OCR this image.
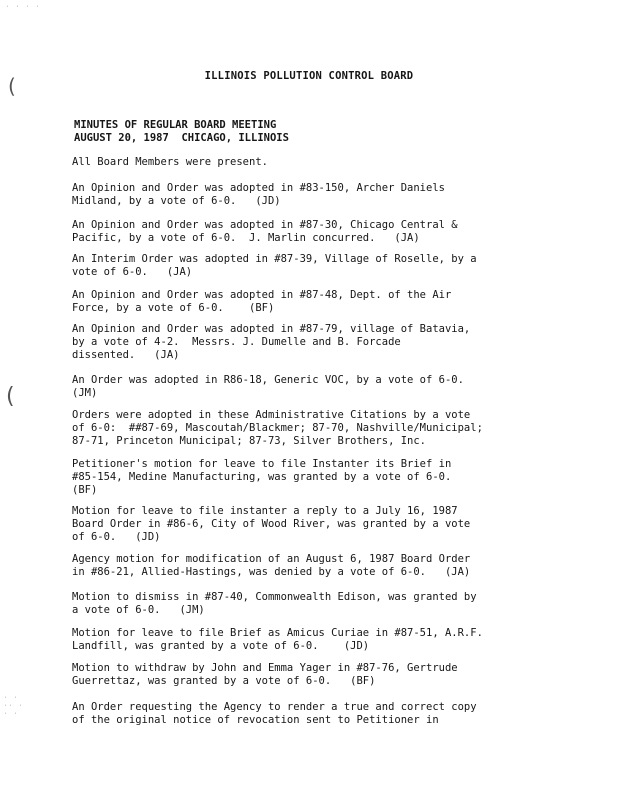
· · · ·
(
(
· ·
·· ·
· ·
ILLINOIS POLLUTION CONTROL BOARD
MINUTES OF REGULAR BOARD MEETING
AUGUST 20, 1987  CHICAGO, ILLINOIS
All Board Members were present.
An Opinion and Order was adopted in #83-150, Archer Daniels
Midland, by a vote of 6-0.   (JD)
An Opinion and Order was adopted in #87-30, Chicago Central &
Pacific, by a vote of 6-0.  J. Marlin concurred.   (JA)
An Interim Order was adopted in #87-39, Village of Roselle, by a
vote of 6-0.   (JA)
An Opinion and Order was adopted in #87-48, Dept. of the Air
Force, by a vote of 6-0.    (BF)
An Opinion and Order was adopted in #87-79, village of Batavia,
by a vote of 4-2.  Messrs. J. Dumelle and B. Forcade
dissented.   (JA)
An Order was adopted in R86-18, Generic VOC, by a vote of 6-0.
(JM)
Orders were adopted in these Administrative Citations by a vote
of 6-0:  ##87-69, Mascoutah/Blackmer; 87-70, Nashville/Municipal;
87-71, Princeton Municipal; 87-73, Silver Brothers, Inc.
Petitioner's motion for leave to file Instanter its Brief in
#85-154, Medine Manufacturing, was granted by a vote of 6-0.
(BF)
Motion for leave to file instanter a reply to a July 16, 1987
Board Order in #86-6, City of Wood River, was granted by a vote
of 6-0.   (JD)
Agency motion for modification of an August 6, 1987 Board Order
in #86-21, Allied-Hastings, was denied by a vote of 6-0.   (JA)
Motion to dismiss in #87-40, Commonwealth Edison, was granted by
a vote of 6-0.   (JM)
Motion for leave to file Brief as Amicus Curiae in #87-51, A.R.F.
Landfill, was granted by a vote of 6-0.    (JD)
Motion to withdraw by John and Emma Yager in #87-76, Gertrude
Guerrettaz, was granted by a vote of 6-0.   (BF)
An Order requesting the Agency to render a true and correct copy
of the original notice of revocation sent to Petitioner in
